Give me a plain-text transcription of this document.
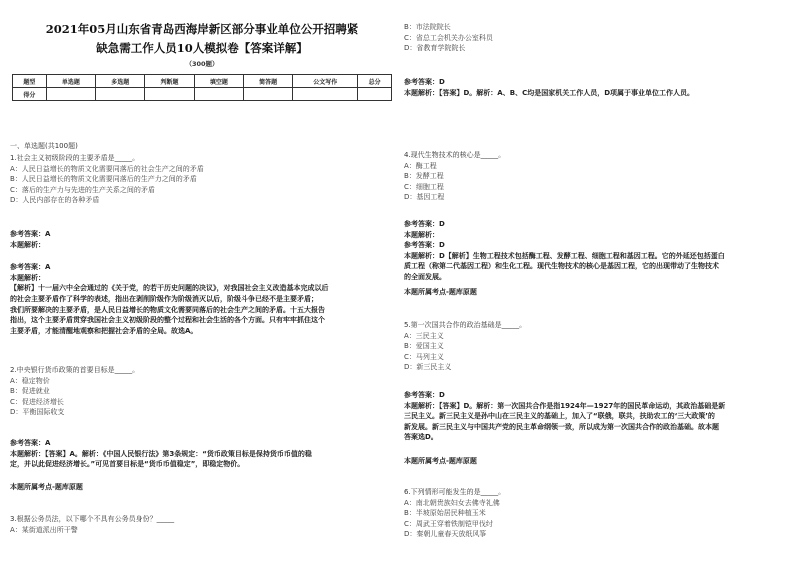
2021年05月山东省青岛西海岸新区部分事业单位公开招聘紧
缺急需工作人员10人模拟卷【答案详解】
（300题）
题型	单选题	多选题	判断题	填空题	简答题	公文写作	总分
得分							
一、单选题(共100题)
1.社会主义初级阶段的主要矛盾是_____。
A：人民日益增长的物质文化需要同落后的社会生产之间的矛盾
B：人民日益增长的物质文化需要同落后的生产力之间的矛盾
C：落后的生产力与先进的生产关系之间的矛盾
D：人民内部存在的各种矛盾
参考答案：A
本题解析：
参考答案：A
本题解析：
【解析】十一届六中全会通过的《关于党，的若干历史问题的决议》，对我国社会主义改造基本完成以后
的社会主要矛盾作了科学的表述，指出在剥削阶级作为阶级消灭以后，阶级斗争已经不是主要矛盾；
我们所要解决的主要矛盾，是人民日益增长的物质文化需要同落后的社会生产之间的矛盾。十五大报告
指出，这个主要矛盾贯穿我国社会主义初级阶段的整个过程和社会生活的各个方面。只有牢牢抓住这个
主要矛盾，才能清醒地观察和把握社会矛盾的全局。故选A。
2.中央银行货币政策的首要目标是_____。
A：稳定物价
B：促进就业
C：促进经济增长
D：平衡国际收支
参考答案：A
本题解析：【答案】A。解析：《中国人民银行法》第3条规定：“货币政策目标是保持货币币值的稳
定，并以此促进经济增长。”可见首要目标是“货币币值稳定”，即稳定物价。
本题所属考点-题库原题
3.根据公务员法，以下哪个不具有公务员身份？_____
A：某街道派出所干警
B：市法院院长
C：省总工会机关办公室科员
D：省教育学院院长
参考答案：D
本题解析：【答案】D。解析：A、B、C均是国家机关工作人员，D项属于事业单位工作人员。
4.现代生物技术的核心是_____。
A：酶工程
B：发酵工程
C：细胞工程
D：基因工程
参考答案：D
本题解析：
参考答案：D
本题解析：D【解析】生物工程技术包括酶工程、发酵工程、细胞工程和基因工程。它的外延还包括蛋白
质工程（称第二代基因工程）和生化工程。现代生物技术的核心是基因工程，它的出现带动了生物技术
的全面发展。
本题所属考点-题库原题
5.第一次国共合作的政治基础是_____。
A：三民主义
B：爱国主义
C：马列主义
D：新三民主义
参考答案：D
本题解析：【答案】D。解析：第一次国共合作是指1924年—1927年的国民革命运动，其政治基础是新
三民主义。新三民主义是孙中山在三民主义的基础上，加入了“联俄，联共，扶助农工的‘三大政策’的
新发展。新三民主义与中国共产党的民主革命纲领一致，所以成为第一次国共合作的政治基础。故本题
答案选D。
本题所属考点-题库原题
6.下列情形可能发生的是_____。
A：南北朝贵族妇女去佛寺礼佛
B：半坡原始居民种植玉米
C：周武王穿着铁制铠甲伐纣
D：秦朝儿童春天放纸风筝
